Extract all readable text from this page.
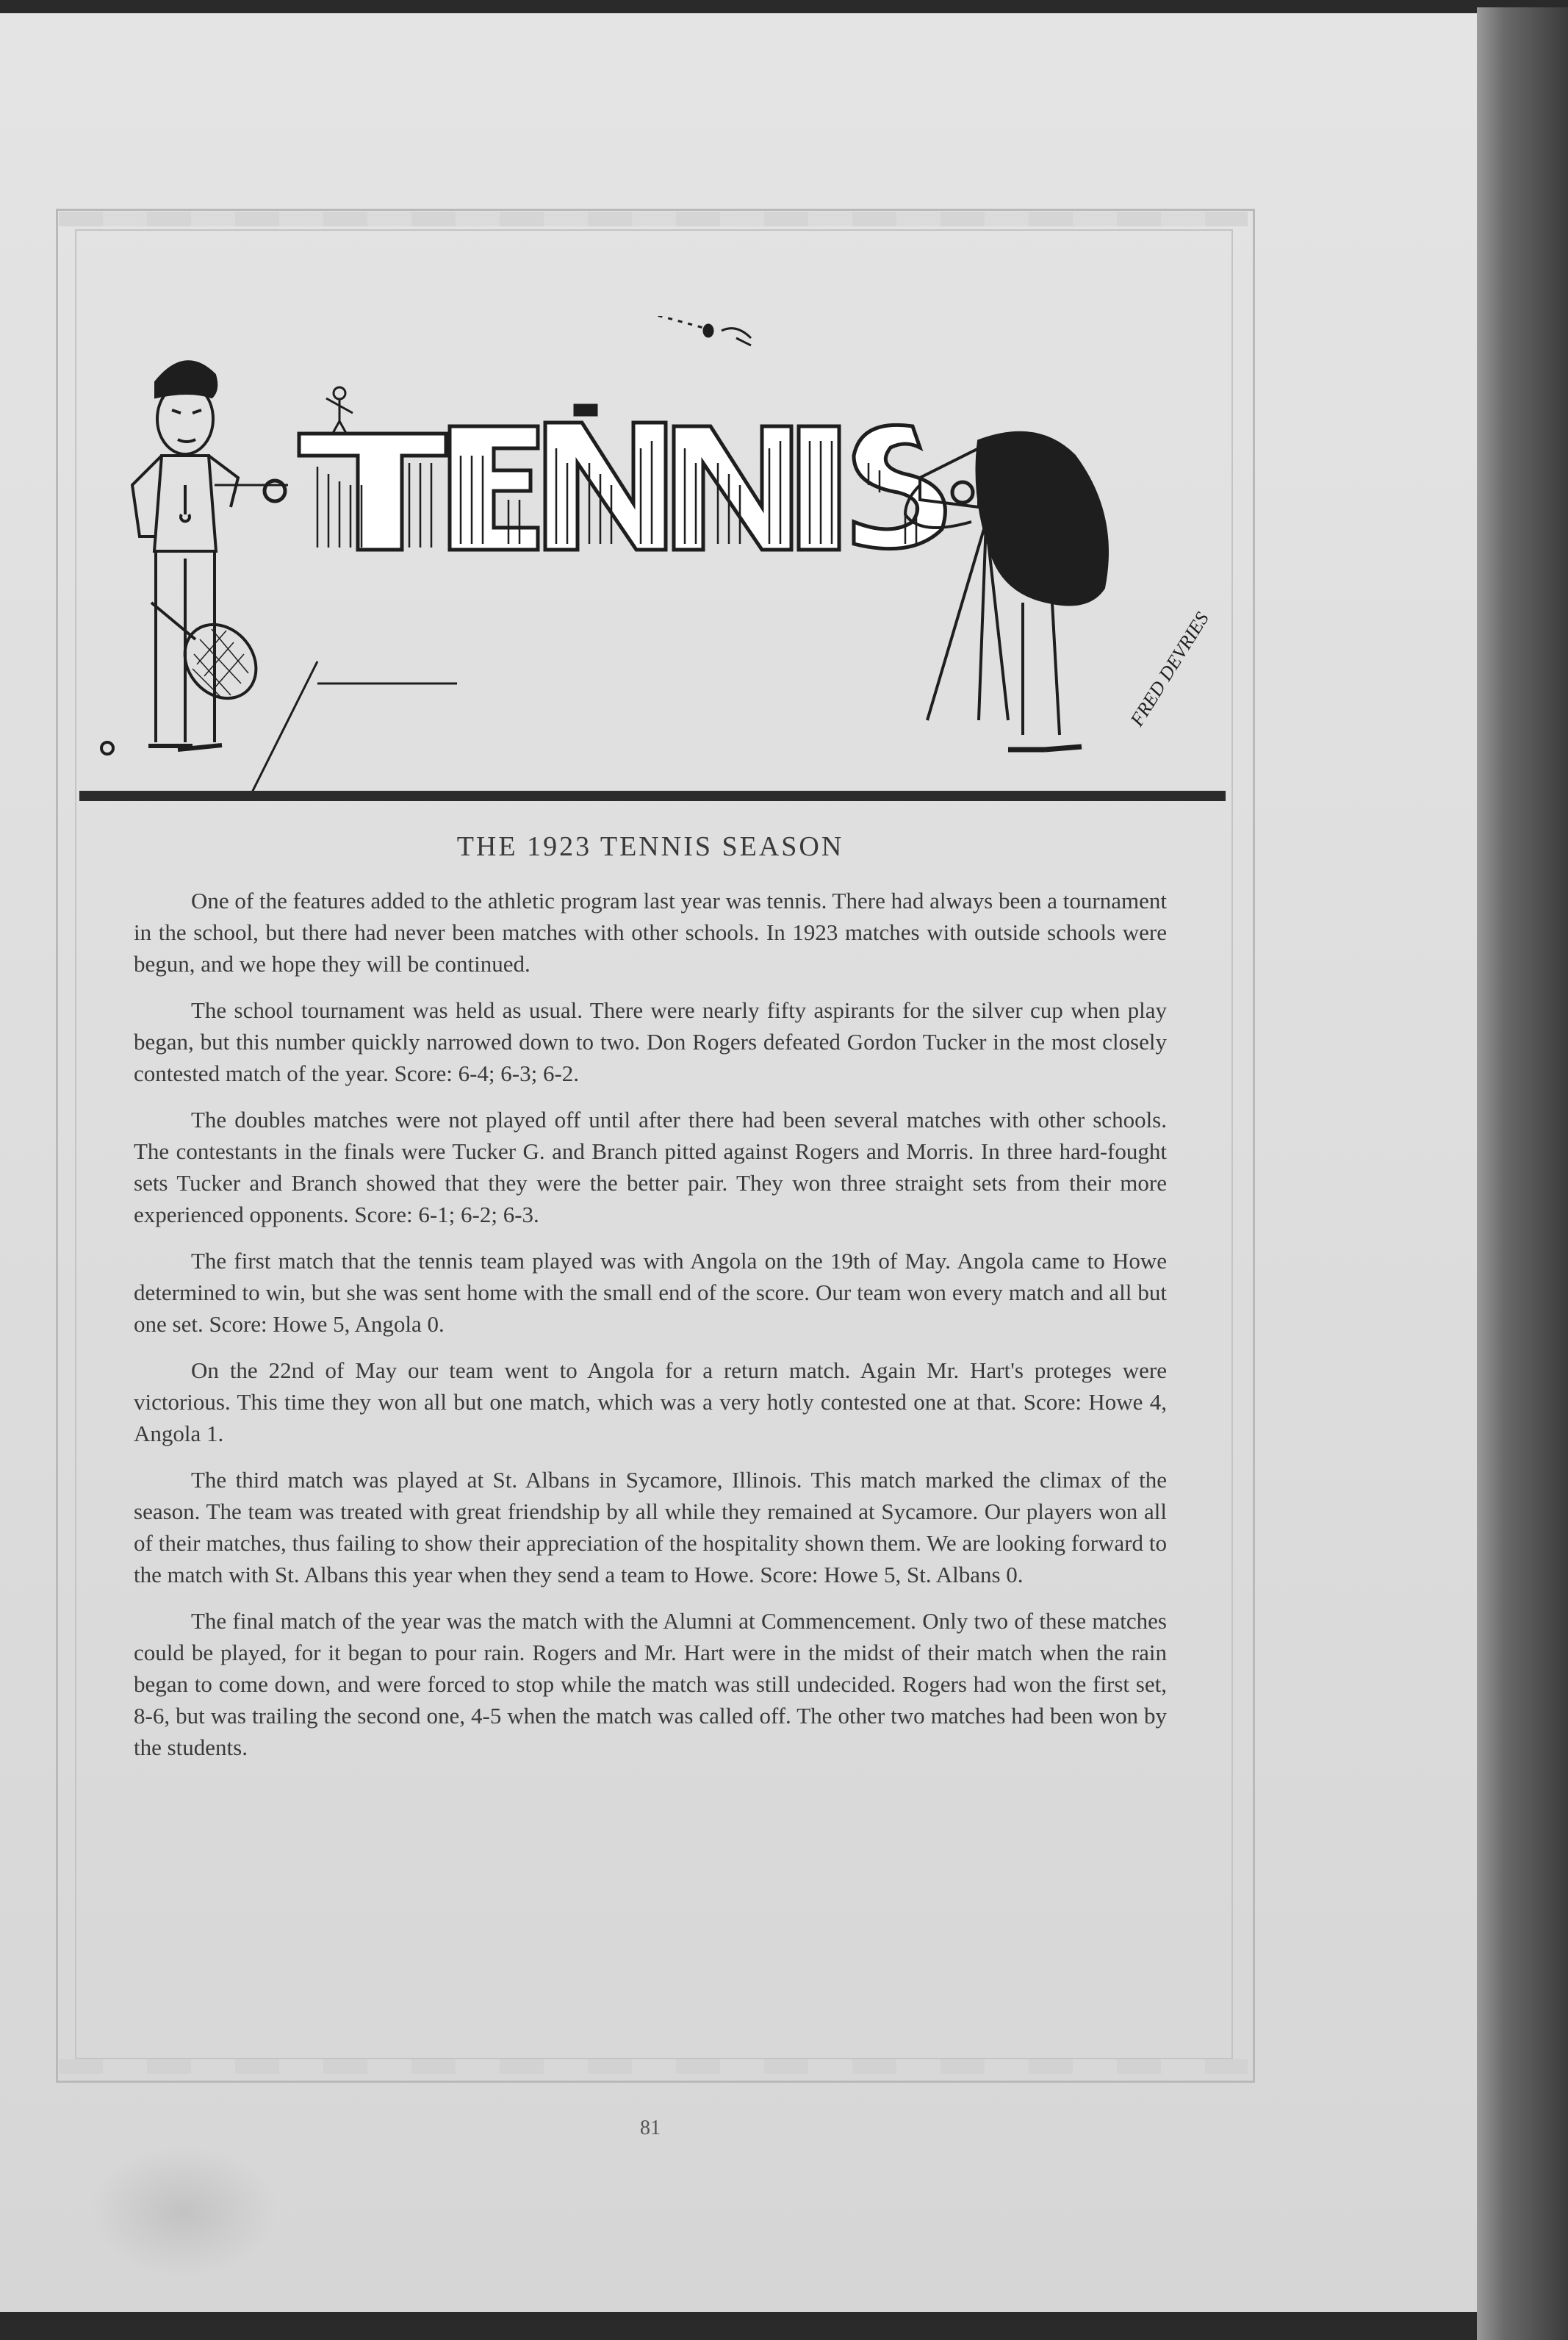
FRED DEVRIES
THE 1923 TENNIS SEASON

One of the features added to the athletic program last year was tennis. There had always been a tournament in the school, but there had never been matches with other schools. In 1923 matches with outside schools were begun, and we hope they will be continued.

The school tournament was held as usual. There were nearly fifty aspirants for the silver cup when play began, but this number quickly narrowed down to two. Don Rogers defeated Gordon Tucker in the most closely contested match of the year. Score: 6-4; 6-3; 6-2.

The doubles matches were not played off until after there had been several matches with other schools. The contestants in the finals were Tucker G. and Branch pitted against Rogers and Morris. In three hard-fought sets Tucker and Branch showed that they were the better pair. They won three straight sets from their more experienced opponents. Score: 6-1; 6-2; 6-3.

The first match that the tennis team played was with Angola on the 19th of May. Angola came to Howe determined to win, but she was sent home with the small end of the score. Our team won every match and all but one set. Score: Howe 5, Angola 0.

On the 22nd of May our team went to Angola for a return match. Again Mr. Hart's proteges were victorious. This time they won all but one match, which was a very hotly contested one at that. Score: Howe 4, Angola 1.

The third match was played at St. Albans in Sycamore, Illinois. This match marked the climax of the season. The team was treated with great friendship by all while they remained at Sycamore. Our players won all of their matches, thus failing to show their appreciation of the hospitality shown them. We are looking forward to the match with St. Albans this year when they send a team to Howe. Score: Howe 5, St. Albans 0.

The final match of the year was the match with the Alumni at Commencement. Only two of these matches could be played, for it began to pour rain. Rogers and Mr. Hart were in the midst of their match when the rain began to come down, and were forced to stop while the match was still undecided. Rogers had won the first set, 8-6, but was trailing the second one, 4-5 when the match was called off. The other two matches had been won by the students.

81
